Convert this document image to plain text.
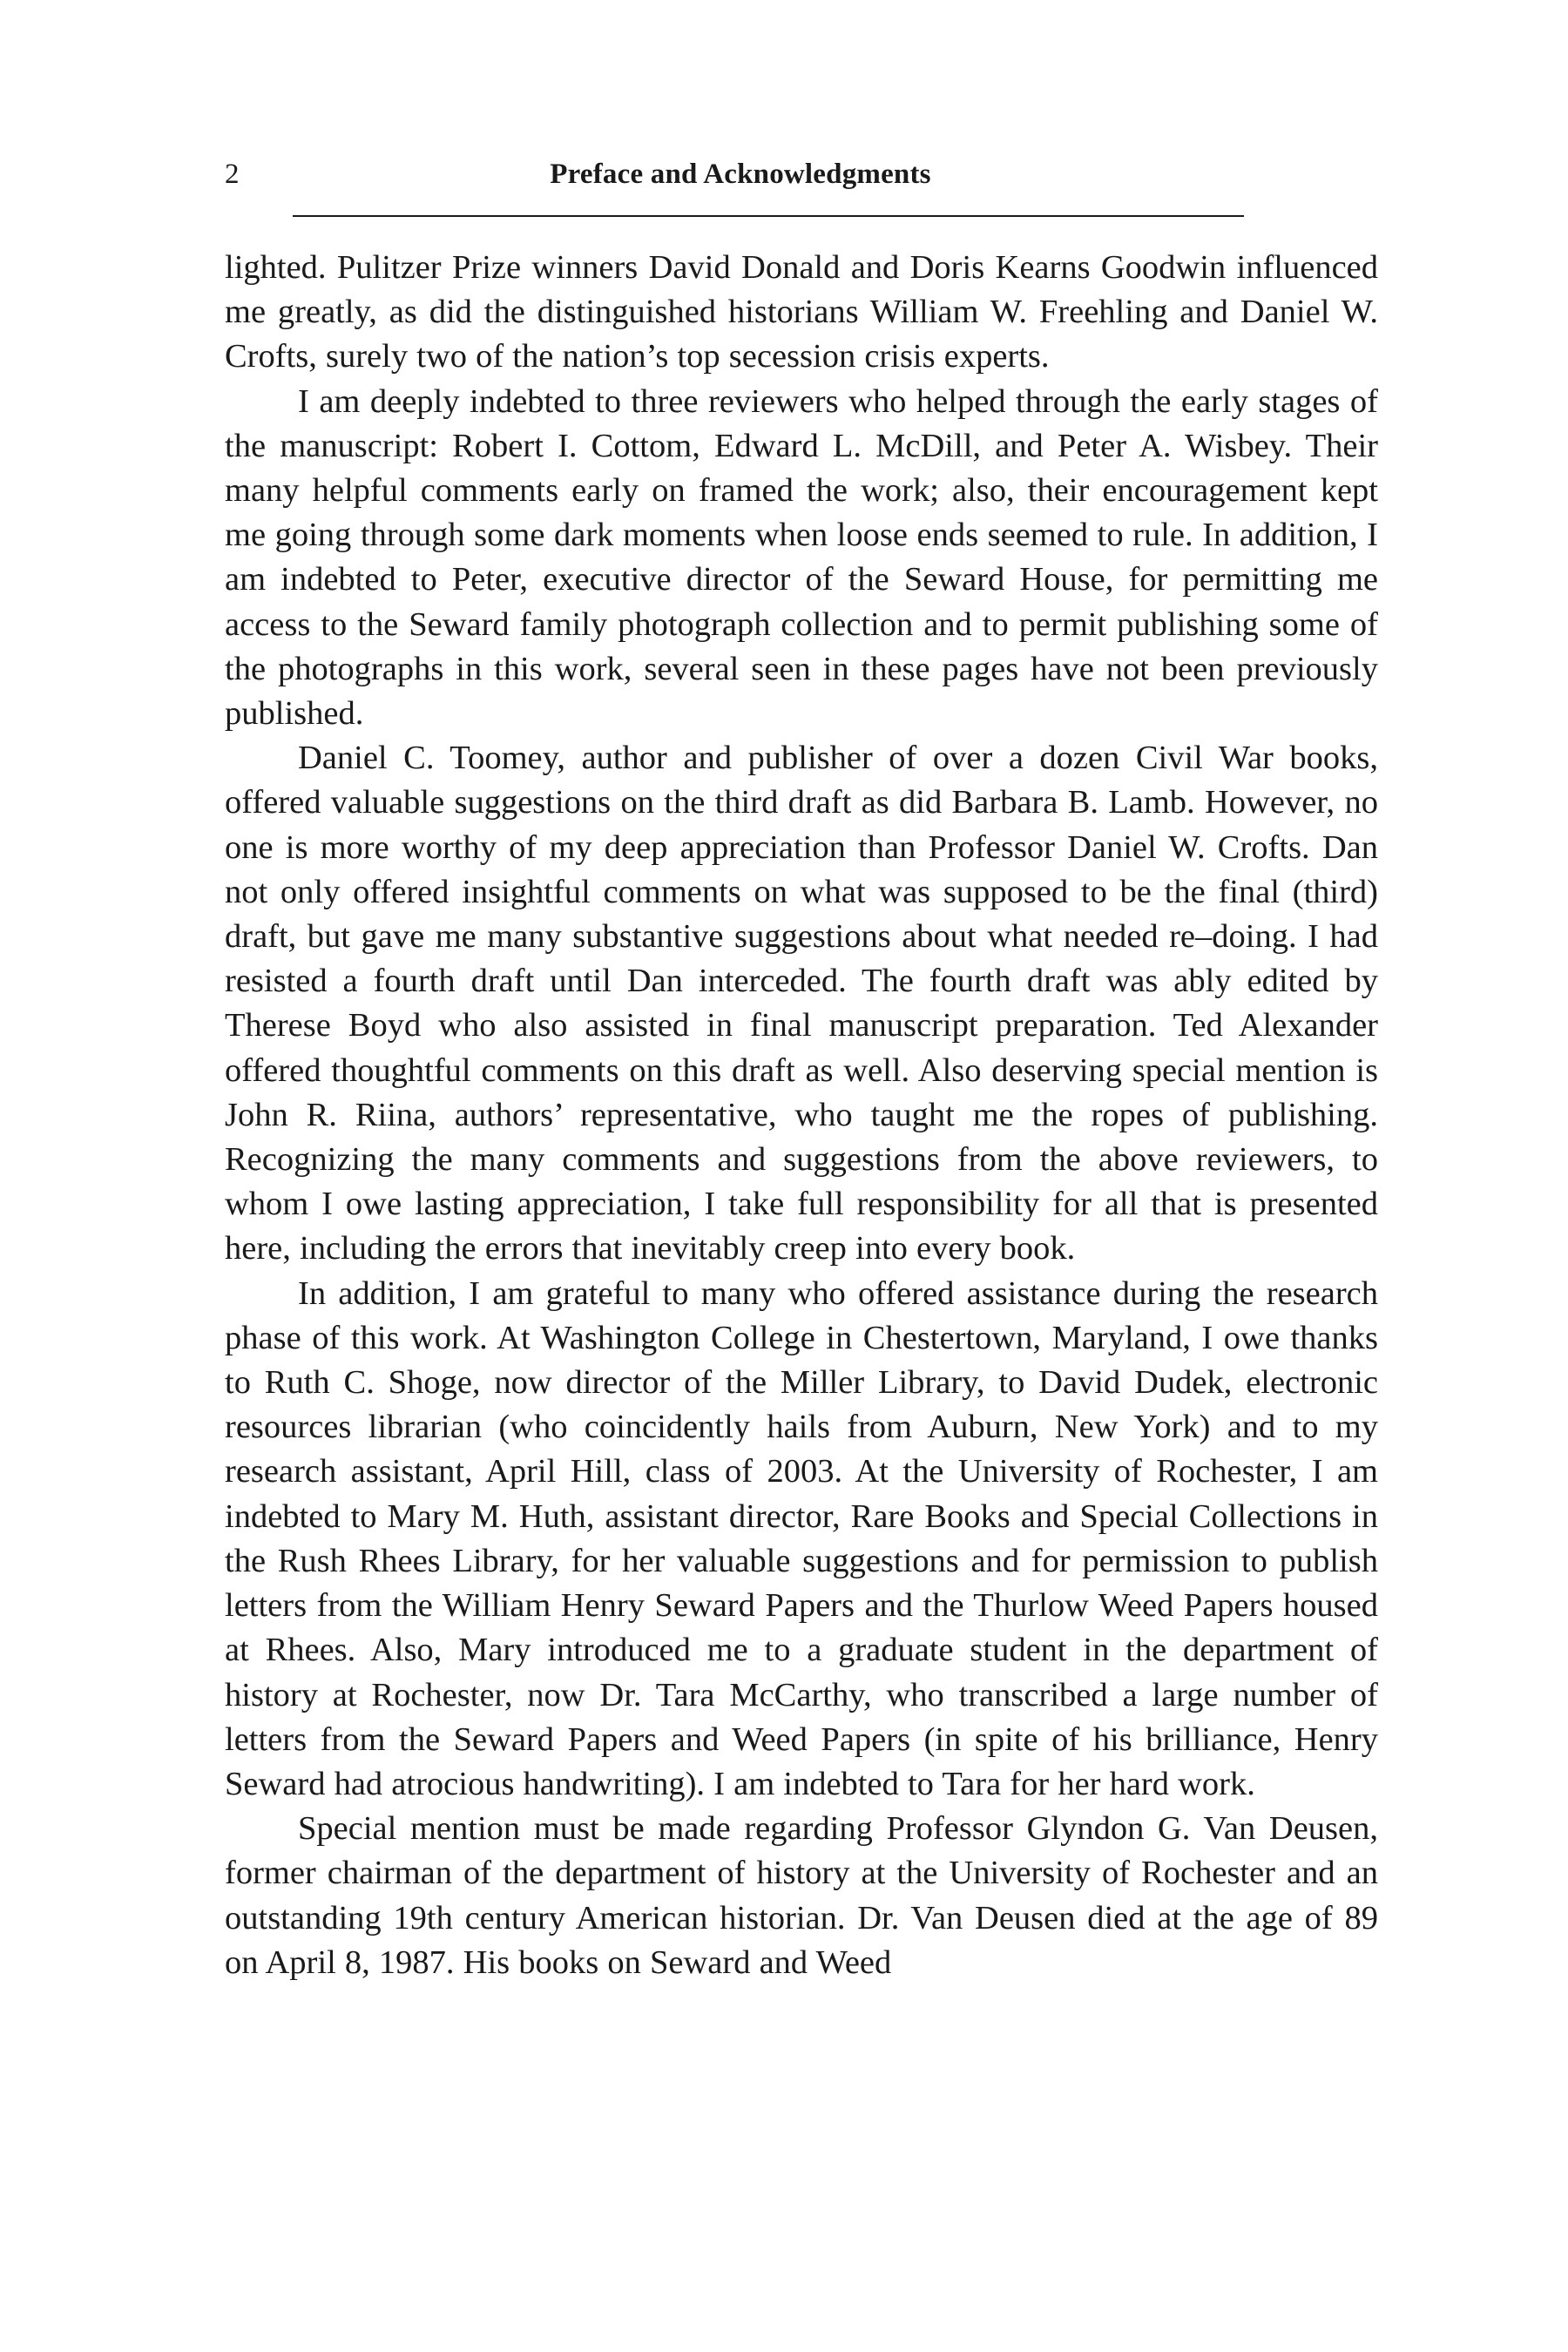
2	Preface and Acknowledgments

lighted. Pulitzer Prize winners David Donald and Doris Kearns Goodwin influenced me greatly, as did the distinguished historians William W. Freehling and Daniel W. Crofts, surely two of the nation’s top secession crisis experts.

I am deeply indebted to three reviewers who helped through the early stages of the manuscript: Robert I. Cottom, Edward L. McDill, and Peter A. Wisbey. Their many helpful comments early on framed the work; also, their encouragement kept me going through some dark moments when loose ends seemed to rule. In addition, I am indebted to Peter, executive director of the Seward House, for permitting me access to the Seward family photograph collection and to permit publishing some of the photographs in this work, several seen in these pages have not been previously published.

Daniel C. Toomey, author and publisher of over a dozen Civil War books, offered valuable suggestions on the third draft as did Barbara B. Lamb. However, no one is more worthy of my deep appreciation than Professor Daniel W. Crofts. Dan not only offered insightful comments on what was supposed to be the final (third) draft, but gave me many substantive suggestions about what needed re–doing. I had resisted a fourth draft until Dan interceded. The fourth draft was ably edited by Therese Boyd who also assisted in final manuscript preparation. Ted Alexander offered thoughtful comments on this draft as well. Also deserving special mention is John R. Riina, authors’ representative, who taught me the ropes of publishing. Recognizing the many comments and suggestions from the above reviewers, to whom I owe lasting appreciation, I take full responsibility for all that is presented here, including the errors that inevitably creep into every book.

In addition, I am grateful to many who offered assistance during the research phase of this work. At Washington College in Chestertown, Maryland, I owe thanks to Ruth C. Shoge, now director of the Miller Library, to David Dudek, electronic resources librarian (who coincidently hails from Auburn, New York) and to my research assistant, April Hill, class of 2003. At the University of Rochester, I am indebted to Mary M. Huth, assistant director, Rare Books and Special Collections in the Rush Rhees Library, for her valuable suggestions and for permission to publish letters from the William Henry Seward Papers and the Thurlow Weed Papers housed at Rhees. Also, Mary introduced me to a graduate student in the department of history at Rochester, now Dr. Tara McCarthy, who transcribed a large number of letters from the Seward Papers and Weed Papers (in spite of his brilliance, Henry Seward had atrocious handwriting). I am indebted to Tara for her hard work.

Special mention must be made regarding Professor Glyndon G. Van Deusen, former chairman of the department of history at the University of Rochester and an outstanding 19th century American historian. Dr. Van Deusen died at the age of 89 on April 8, 1987. His books on Seward and Weed
